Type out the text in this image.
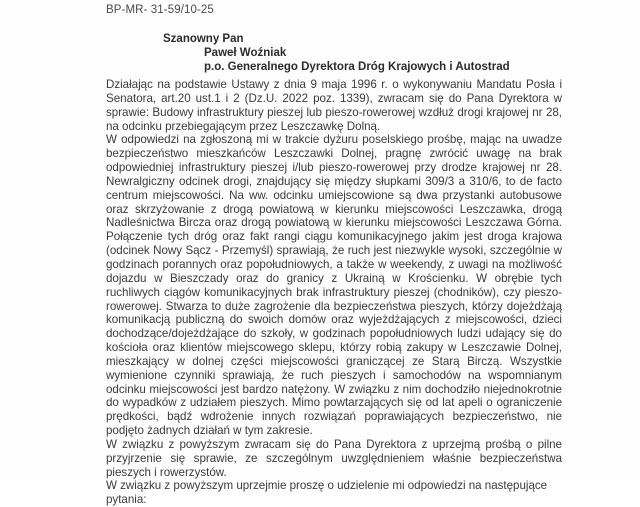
BP-MR- 31-59/10-25
Szanowny Pan
Paweł Woźniak
p.o. Generalnego Dyrektora Dróg Krajowych i Autostrad

Działając na podstawie Ustawy z dnia 9 maja 1996 r. o wykonywaniu Mandatu Posła i Senatora, art.20 ust.1 i 2 (Dz.U. 2022 poz. 1339), zwracam się do Pana Dyrektora w sprawie: Budowy infrastruktury pieszej lub pieszo-rowerowej wzdłuż drogi krajowej nr 28, na odcinku przebiegającym przez Leszczawkę Dolną.

W odpowiedzi na zgłoszoną mi w trakcie dyżuru poselskiego prośbę, mając na uwadze bezpieczeństwo mieszkańców Leszczawki Dolnej, pragnę zwrócić uwagę na brak odpowiedniej infrastruktury pieszej i/lub pieszo-rowerowej przy drodze krajowej nr 28. Newralgiczny odcinek drogi, znajdujący się między słupkami 309/3 a 310/6, to de facto centrum miejscowości. Na ww. odcinku umiejscowione są dwa przystanki autobusowe oraz skrzyżowanie z drogą powiatową w kierunku miejscowości Leszczawka, drogą Nadleśnictwa Bircza oraz drogą powiatową w kierunku miejscowości Leszczawa Górna. Połączenie tych dróg oraz fakt rangi ciągu komunikacyjnego jakim jest droga krajowa (odcinek Nowy Sącz - Przemyśl) sprawiają, że ruch jest niezwykle wysoki, szczególnie w godzinach porannych oraz popołudniowych, a także w weekendy, z uwagi na możliwość dojazdu w Bieszczady oraz do granicy z Ukrainą w Krościenku. W obrębie tych ruchliwych ciągów komunikacyjnych brak infrastruktury pieszej (chodników), czy pieszo-rowerowej. Stwarza to duże zagrożenie dla bezpieczeństwa pieszych, którzy dojeżdżają komunikacją publiczną do swoich domów oraz wyjeżdżających z miejscowości, dzieci dochodzące/dojeżdżające do szkoły, w godzinach popołudniowych ludzi udający się do kościoła oraz klientów miejscowego sklepu, którzy robią zakupy w Leszczawie Dolnej, mieszkający w dolnej części miejscowości graniczącej ze Starą Birczą. Wszystkie wymienione czynniki sprawiają, że ruch pieszych i samochodów na wspomnianym odcinku miejscowości jest bardzo natężony. W związku z nim dochodziło niejednokrotnie do wypadków z udziałem pieszych. Mimo powtarzających się od lat apeli o ograniczenie prędkości, bądź wdrożenie innych rozwiązań poprawiających bezpieczeństwo, nie podjęto żadnych działań w tym zakresie.

W związku z powyższym zwracam się do Pana Dyrektora z uprzejmą prośbą o pilne przyjrzenie się sprawie, ze szczególnym uwzględnieniem właśnie bezpieczeństwa pieszych i rowerzystów.

W związku z powyższym uprzejmie proszę o udzielenie mi odpowiedzi na następujące pytania:
